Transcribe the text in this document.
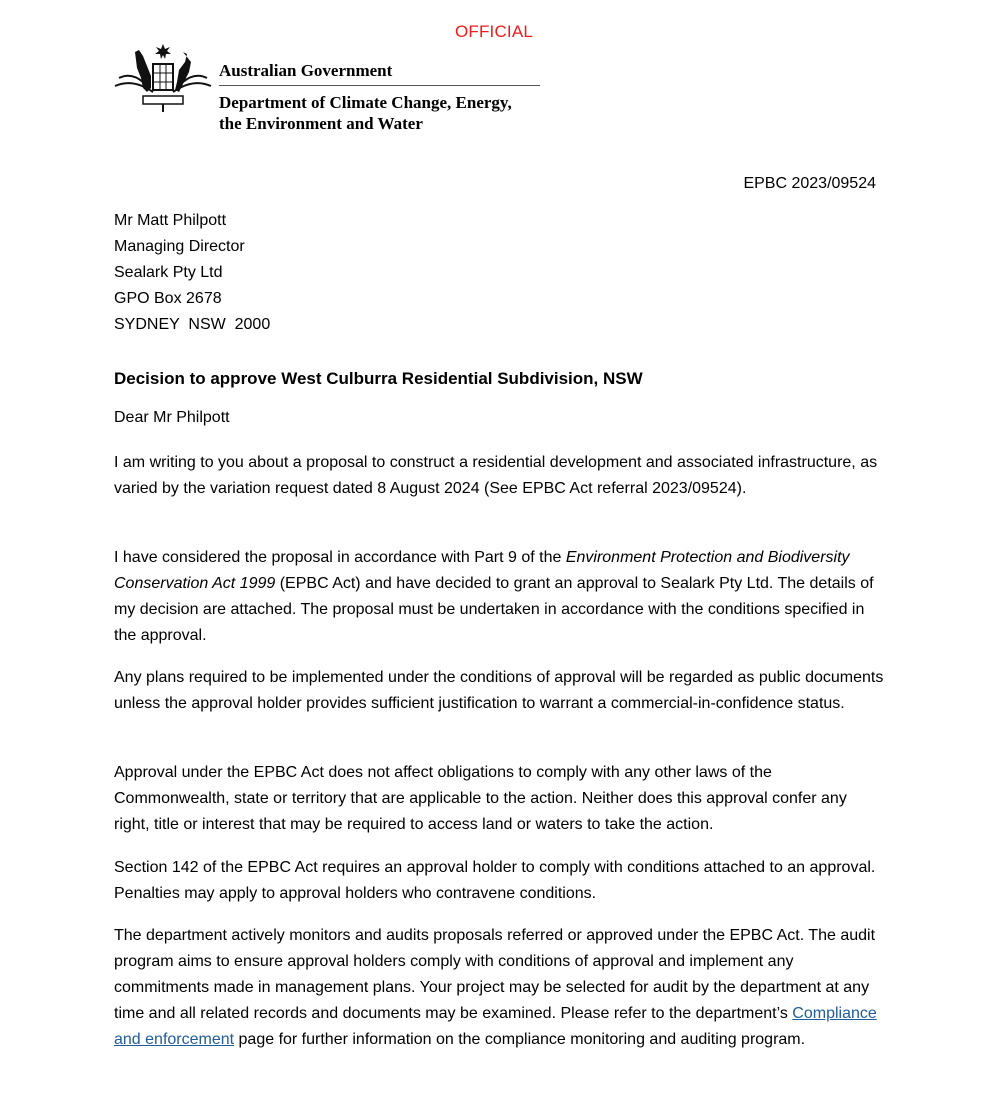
OFFICIAL
Australian Government
Department of Climate Change, Energy,
the Environment and Water
EPBC 2023/09524
Mr Matt Philpott
Managing Director
Sealark Pty Ltd
GPO Box 2678
SYDNEY  NSW  2000
Decision to approve West Culburra Residential Subdivision, NSW
Dear Mr Philpott

I am writing to you about a proposal to construct a residential development and associated infrastructure, as varied by the variation request dated 8 August 2024 (See EPBC Act referral 2023/09524).

I have considered the proposal in accordance with Part 9 of the Environment Protection and Biodiversity Conservation Act 1999 (EPBC Act) and have decided to grant an approval to Sealark Pty Ltd. The details of my decision are attached. The proposal must be undertaken in accordance with the conditions specified in the approval.

Any plans required to be implemented under the conditions of approval will be regarded as public documents unless the approval holder provides sufficient justification to warrant a commercial-in-confidence status.

Approval under the EPBC Act does not affect obligations to comply with any other laws of the Commonwealth, state or territory that are applicable to the action. Neither does this approval confer any right, title or interest that may be required to access land or waters to take the action.

Section 142 of the EPBC Act requires an approval holder to comply with conditions attached to an approval. Penalties may apply to approval holders who contravene conditions.

The department actively monitors and audits proposals referred or approved under the EPBC Act. The audit program aims to ensure approval holders comply with conditions of approval and implement any commitments made in management plans. Your project may be selected for audit by the department at any time and all related records and documents may be examined. Please refer to the department’s Compliance and enforcement page for further information on the compliance monitoring and auditing program.
